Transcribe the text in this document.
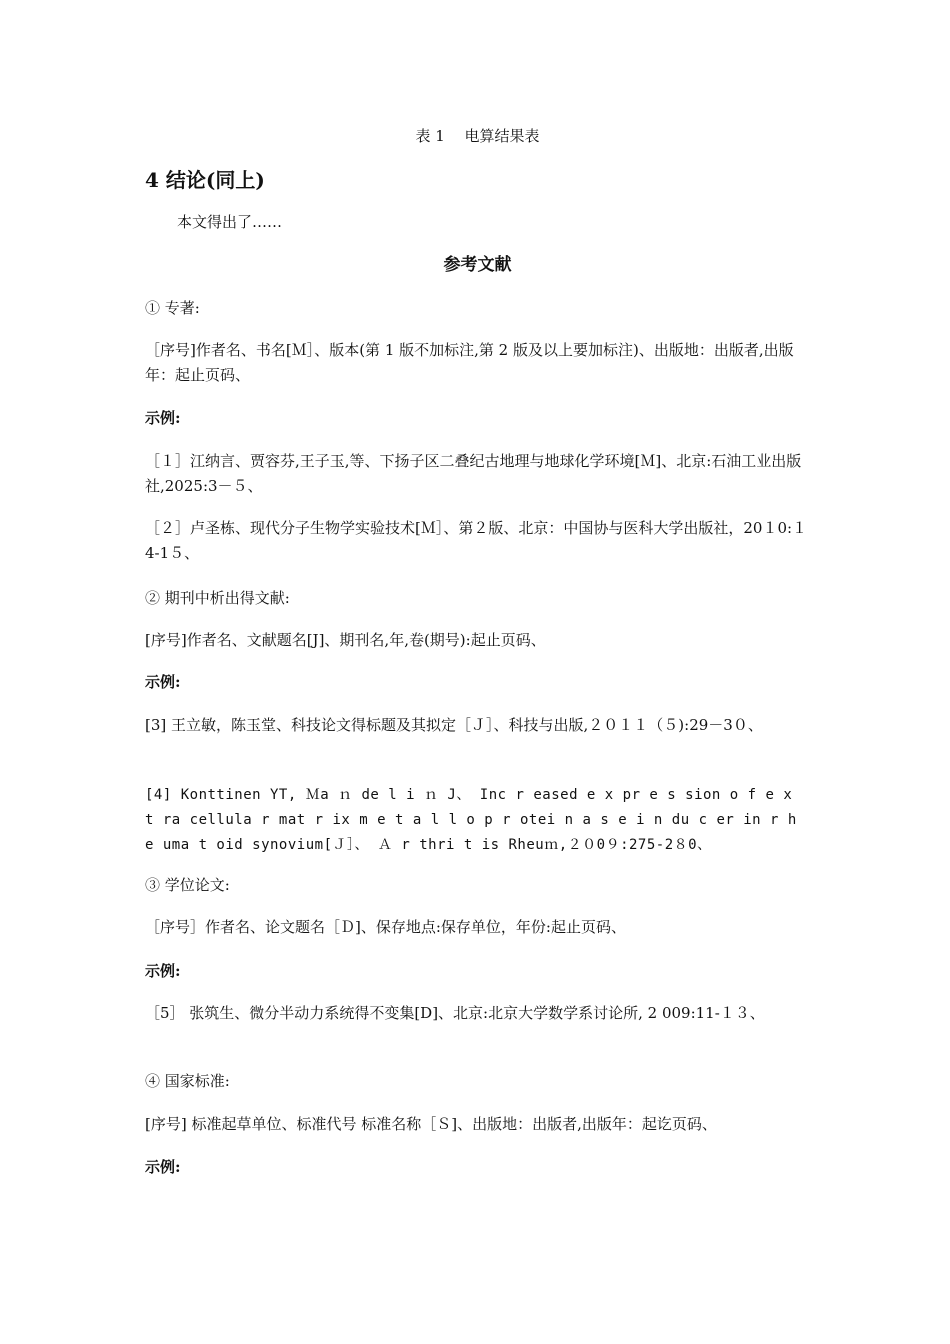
表 1　 电算结果表

4 结论(同上)

本文得出了……

参考文献

① 专著:

［序号]作者名、书名[Ｍ］、版本(第 1 版不加标注,第 2 版及以上要加标注)、出版地：出版者,出版年：起止页码、

示例:

［１］江纳言、贾容芬,王子玉,等、下扬子区二叠纪古地理与地球化学环境[Ｍ]、北京:石油工业出版社,2025:3－５、

［２］卢圣栋、现代分子生物学实验技术[Ｍ］、第２版、北京：中国协与医科大学出版社，20１0:１4-1５、

② 期刊中析出得文献:

[序号]作者名、文献题名[J]、期刊名,年,卷(期号):起止页码、

示例:

[3] 王立敏，陈玉堂、科技论文得标题及其拟定［Ｊ］、科技与出版,２０１１（５):29－3０、

[4] Konttinen YT, Ｍa ｎ de l i ｎ J、 Inc r eased e x pr e s sion o f e x t ra cellula r mat r ix m e t a l l o p r otei n a s e i n du c er in r h e uma t oid synovium[Ｊ］、 Ａ r thri t is Rheuｍ,２０0９:275-2８0、

③ 学位论文:

［序号］作者名、论文题名［Ｄ]、保存地点:保存单位，年份:起止页码、

示例:

［5］ 张筑生、微分半动力系统得不变集[D]、北京:北京大学数学系讨论所, 2 009:11-１３、

④ 国家标准:

[序号] 标准起草单位、标准代号 标准名称［Ｓ]、出版地：出版者,出版年：起讫页码、

示例:
